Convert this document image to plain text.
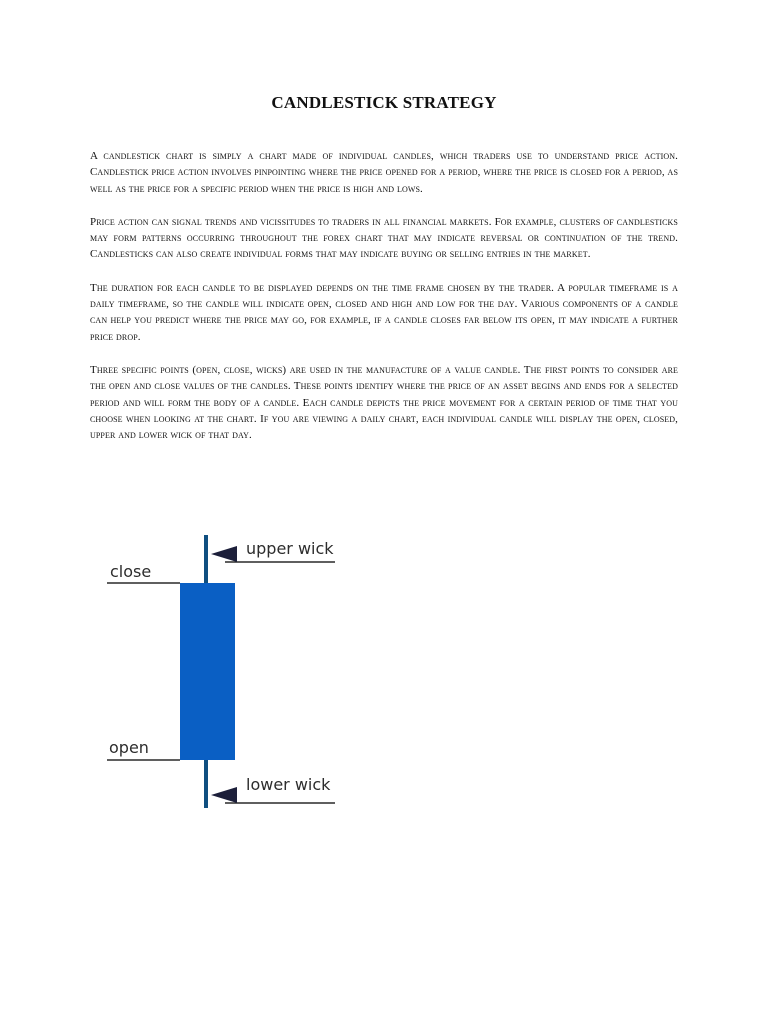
CANDLESTICK STRATEGY

A candlestick chart is simply a chart made of individual candles, which traders use to understand price action. Candlestick price action involves pinpointing where the price opened for a period, where the price is closed for a period, as well as the price for a specific period when the price is high and lows.

Price action can signal trends and vicissitudes to traders in all financial markets. For example, clusters of candlesticks may form patterns occurring throughout the forex chart that may indicate reversal or continuation of the trend. Candlesticks can also create individual forms that may indicate buying or selling entries in the market.

The duration for each candle to be displayed depends on the time frame chosen by the trader. A popular timeframe is a daily timeframe, so the candle will indicate open, closed and high and low for the day. Various components of a candle can help you predict where the price may go, for example, if a candle closes far below its open, it may indicate a further price drop.

Three specific points (open, close, wicks) are used in the manufacture of a value candle. The first points to consider are the open and close values of the candles. These points identify where the price of an asset begins and ends for a selected period and will form the body of a candle. Each candle depicts the price movement for a certain period of time that you choose when looking at the chart. If you are viewing a daily chart, each individual candle will display the open, closed, upper and lower wick of that day.

close
open
upper wick
lower wick
